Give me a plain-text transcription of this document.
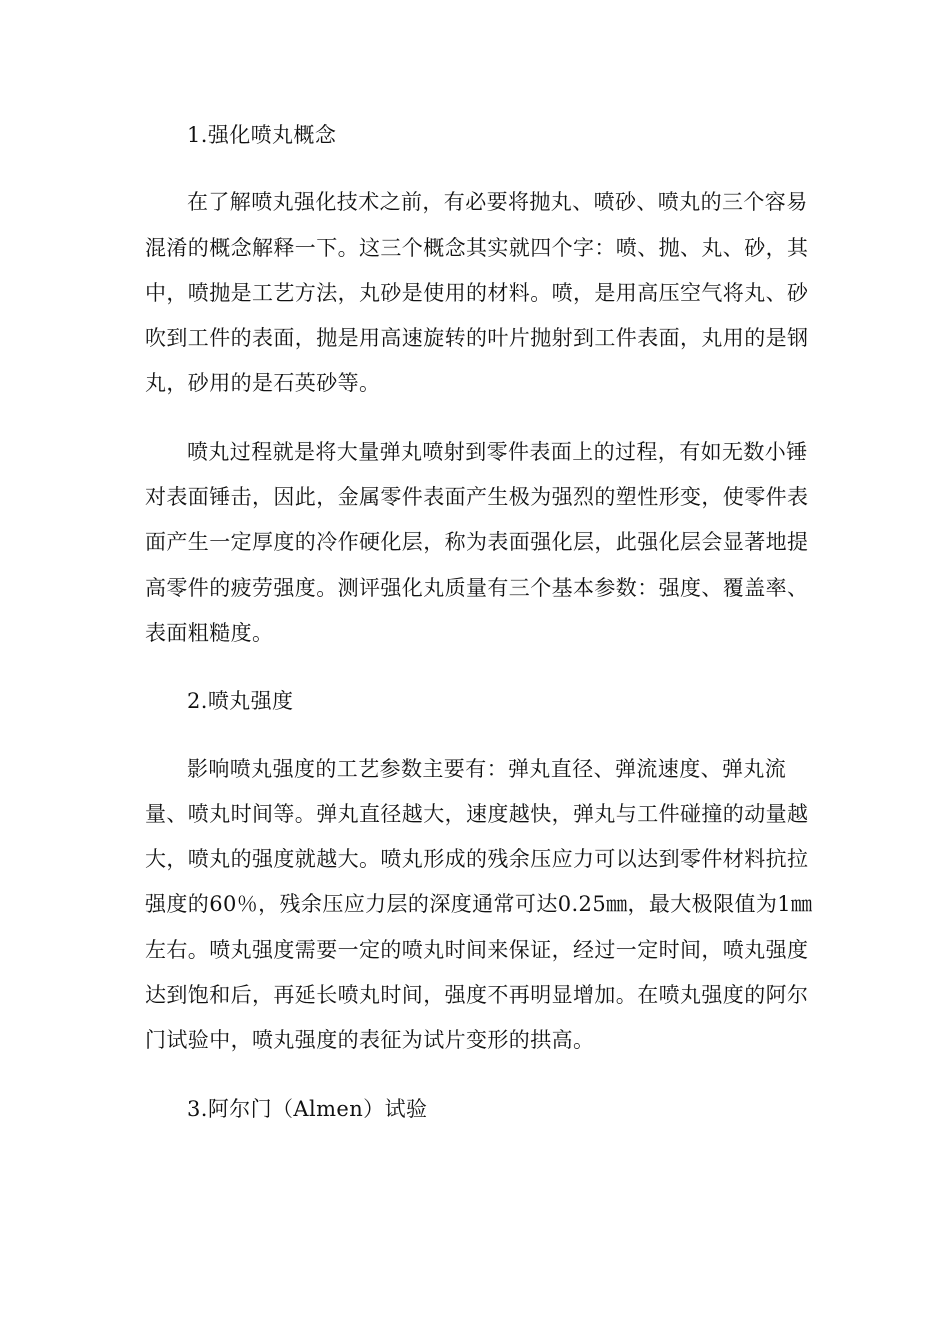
1.强化喷丸概念

在了解喷丸强化技术之前，有必要将抛丸、喷砂、喷丸的三个容易混淆的概念解释一下。这三个概念其实就四个字：喷、抛、丸、砂，其中，喷抛是工艺方法，丸砂是使用的材料。喷，是用高压空气将丸、砂吹到工件的表面，抛是用高速旋转的叶片抛射到工件表面，丸用的是钢丸，砂用的是石英砂等。

喷丸过程就是将大量弹丸喷射到零件表面上的过程，有如无数小锤对表面锤击，因此，金属零件表面产生极为强烈的塑性形变，使零件表面产生一定厚度的冷作硬化层，称为表面强化层，此强化层会显著地提高零件的疲劳强度。测评强化丸质量有三个基本参数：强度、覆盖率、表面粗糙度。

2.喷丸强度

影响喷丸强度的工艺参数主要有：弹丸直径、弹流速度、弹丸流量、喷丸时间等。弹丸直径越大，速度越快，弹丸与工件碰撞的动量越大，喷丸的强度就越大。喷丸形成的残余压应力可以达到零件材料抗拉强度的60％，残余压应力层的深度通常可达0.25㎜，最大极限值为1㎜左右。喷丸强度需要一定的喷丸时间来保证，经过一定时间，喷丸强度达到饱和后，再延长喷丸时间，强度不再明显增加。在喷丸强度的阿尔门试验中，喷丸强度的表征为试片变形的拱高。

3.阿尔门（Almen）试验
